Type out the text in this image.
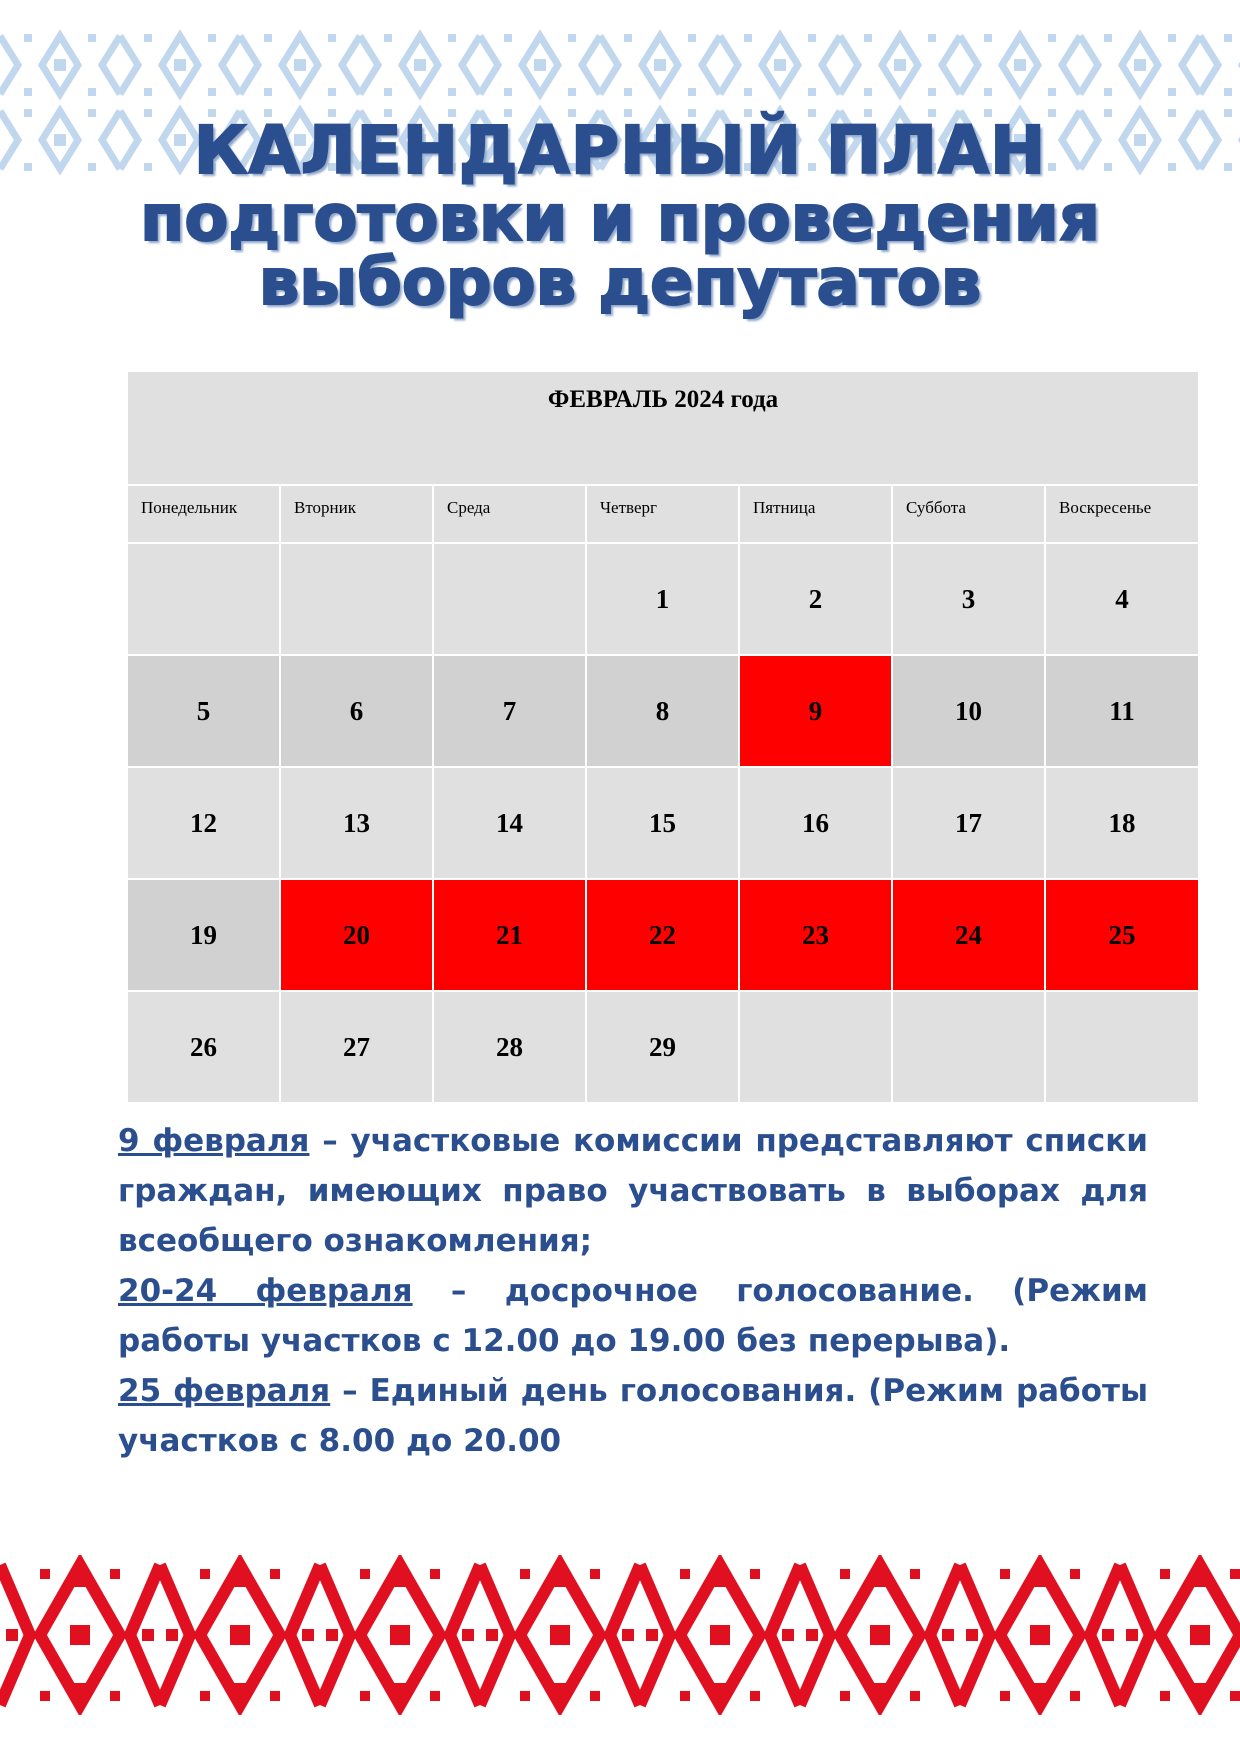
КАЛЕНДАРНЫЙ ПЛАН
подготовки и проведения
выборов депутатов
ФЕВРАЛЬ 2024 года						

Понедельник	Вторник	Среда	Четверг	Пятница	Суббота	Воскресенье

			1	2	3	4
5	6	7	8	9	10	11
12	13	14	15	16	17	18
19	20	21	22	23	24	25
26	27	28	29			

9 февраля – участковые комиссии представляют списки граждан, имеющих право участвовать в выборах для всеобщего ознакомления;
20-24 февраля – досрочное голосование. (Режим работы участков с 12.00 до 19.00 без перерыва).
25 февраля – Единый день голосования. (Режим работы участков с 8.00 до 20.00
